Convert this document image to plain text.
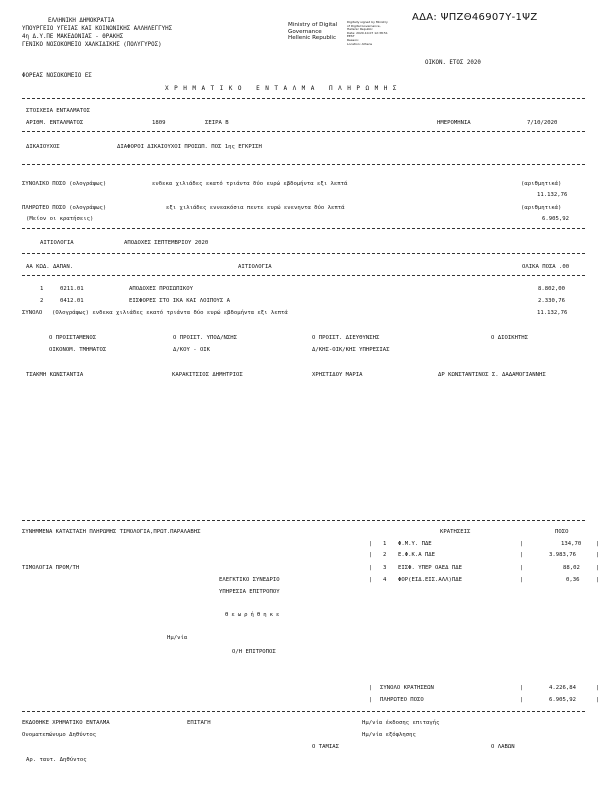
ΑΔΑ: ΨΠΖΘ46907Υ-1ΨΖ
ΕΛΛΗΝΙΚΗ ΔΗΜΟΚΡΑΤΙΑ
ΥΠΟΥΡΓΕΙΟ ΥΓΕΙΑΣ ΚΑΙ ΚΟΙΝΩΝΙΚΗΣ ΑΛΛΗΛΕΓΓΥΗΣ
4η Δ.Υ.ΠΕ ΜΑΚΕΔΟΝΙΑΣ - ΘΡΑΚΗΣ
ΓΕΝΙΚΟ ΝΟΣΟΚΟΜΕΙΟ ΧΑΛΚΙΔΙΚΗΣ (ΠΟΛΥΓΥΡΟΣ)
Ministry of Digital
Governance
Hellenic Republic
Digitally signed by Ministry
of Digital Governance,
Hellenic Republic
Date: 2020.10.07 12:38:51
EEST
Reason:
Location: Athens
ΟΙΚΟΝ. ΕΤΟΣ 2020
ΦΟΡΕΑΣ ΝΟΣΟΚΟΜΕΙΟ ΕΣ
ΧΡΗΜΑΤΙΚΟ ΕΝΤΑΛΜΑ ΠΛΗΡΩΜΗΣ
ΣΤΟΙΧΕΙΑ ΕΝΤΑΛΜΑΤΟΣ
ΑΡΙΘΜ. ΕΝΤΑΛΜΑΤΟΣ	1809	ΣΕΙΡΑ Β	ΗΜΕΡΟΜΗΝΙΑ	7/10/2020
ΔΙΚΑΙΟΥΧΟΣ	ΔΙΑΦΟΡΟΙ ΔΙΚΑΙΟΥΧΟΙ ΠΡΟΣΩΠ. ΠΟΣ 1ης ΕΓΚΡΙΣΗ
ΣΥΝΟΛΙΚΟ ΠΟΣΟ (ολογράφως)	ενδεκα χιλιάδες εκατό τριάντα δύο ευρώ εβδομήντα εξι λεπτά	(αριθμητικά)
11.132,76
ΠΛΗΡΩΤΕΟ ΠΟΣΟ (ολογράφως)	εξι χιλιάδες εννεακόσια πεντε ευρώ ενενηντα δύο λεπτά	(αριθμητικά)
(Μείον οι κρατήσεις)	6.905,92
ΑΙΤΙΟΛΟΓΙΑ	ΑΠΟΔΟΧΕΣ ΣΕΠΤΕΜΒΡΙΟΥ 2020
ΑΑ ΚΩΔ. ΔΑΠΑΝ.	ΑΙΤΙΟΛΟΓΙΑ	ΟΛΙΚΑ ΠΟΣΑ .00
1	0211.01	ΑΠΟΔΟΧΕΣ ΠΡΟΣΩΠΙΚΟΥ	8.802,00
2	0412.01	ΕΙΣΦΟΡΕΣ ΣΤΟ ΙΚΑ ΚΑΙ ΛΟΙΠΟΥΣ Α	2.330,76
ΣΥΝΟΛΟ (Ολογράφως) ενδεκα χιλιάδες εκατό τριάντα δύο ευρώ εβδομήντα εξι λεπτά	11.132,76
Ο ΠΡΟΙΣΤΑΜΕΝΟΣ	Ο ΠΡΟΙΣΤ. ΥΠΟΔ/ΝΣΗΣ	Ο ΠΡΟΙΣΤ. ΔΙΕΥΘΥΝΣΗΣ	Ο ΔΙΟΙΚΗΤΗΣ
ΟΙΚΟΝΟΜ. ΤΜΗΜΑΤΟΣ	Δ/ΚΟΥ - ΟΙΚ	Δ/ΚΗΣ-ΟΙΚ/ΚΗΣ ΥΠΗΡΕΣΙΑΣ
ΤΣΑΚΜΗ ΚΩΝΣΤΑΝΤΙΑ	ΚΑΡΑΚΙΤΣΙΟΣ ΔΗΜΗΤΡΙΟΣ	ΧΡΗΣΤΙΔΟΥ ΜΑΡΙΑ	ΔΡ ΚΩΝΣΤΑΝΤΙΝΟΣ Σ. ΔΑΔΑΜΟΓΙΑΝΝΗΣ
ΣΥΝΗΜΜΕΝΑ ΚΑΤΑΣΤΑΣΗ ΠΛΗΡΩΜΗΣ ΤΙΜΟΛΟΓΙΑ,ΠΡΩΤ.ΠΑΡΑΛΑΒΗΣ	ΚΡΑΤΗΣΕΙΣ	ΠΟΣΟ
| 1 Φ.Μ.Υ. ΠΔΕ	|	134,70	|
| 2 Ε.Φ.Κ.Α ΠΔΕ	|	3.983,76	|
ΤΙΜΟΛΟΓΙΑ ΠΡΟΜ/ΤΗ	| 3 ΕΙΣΦ. ΥΠΕΡ ΟΑΕΔ ΠΔΕ	|	88,02	|
ΕΛΕΓΚΤΙΚΟ ΣΥΝΕΔΡΙΟ	| 4 ΦΟΡ(ΕΙΔ.ΕΙΣ.ΑΛΛ)ΠΔΕ	|	0,36	|
ΥΠΗΡΕΣΙΑ ΕΠΙΤΡΟΠΟΥ
Θεωρήθηκε
Ημ/νία
Ο/Η ΕΠΙΤΡΟΠΟΣ
| ΣΥΝΟΛΟ ΚΡΑΤΗΣΕΩΝ	|	4.226,84	|
| ΠΛΗΡΩΤΕΟ ΠΟΣΟ	|	6.905,92	|
ΕΚΔΟΘΗΚΕ ΧΡΗΜΑΤΙΚΟ ΕΝΤΑΛΜΑ	ΕΠΙΤΑΓΗ	Ημ/νία έκδοσης επιταγής
Ονοματεπώνυμο Δηθύντος	Ημ/νία εξόφλησης
Ο ΤΑΜΙΑΣ	Ο ΛΑΒΩΝ
Αρ. ταυτ. Δηθύντος
